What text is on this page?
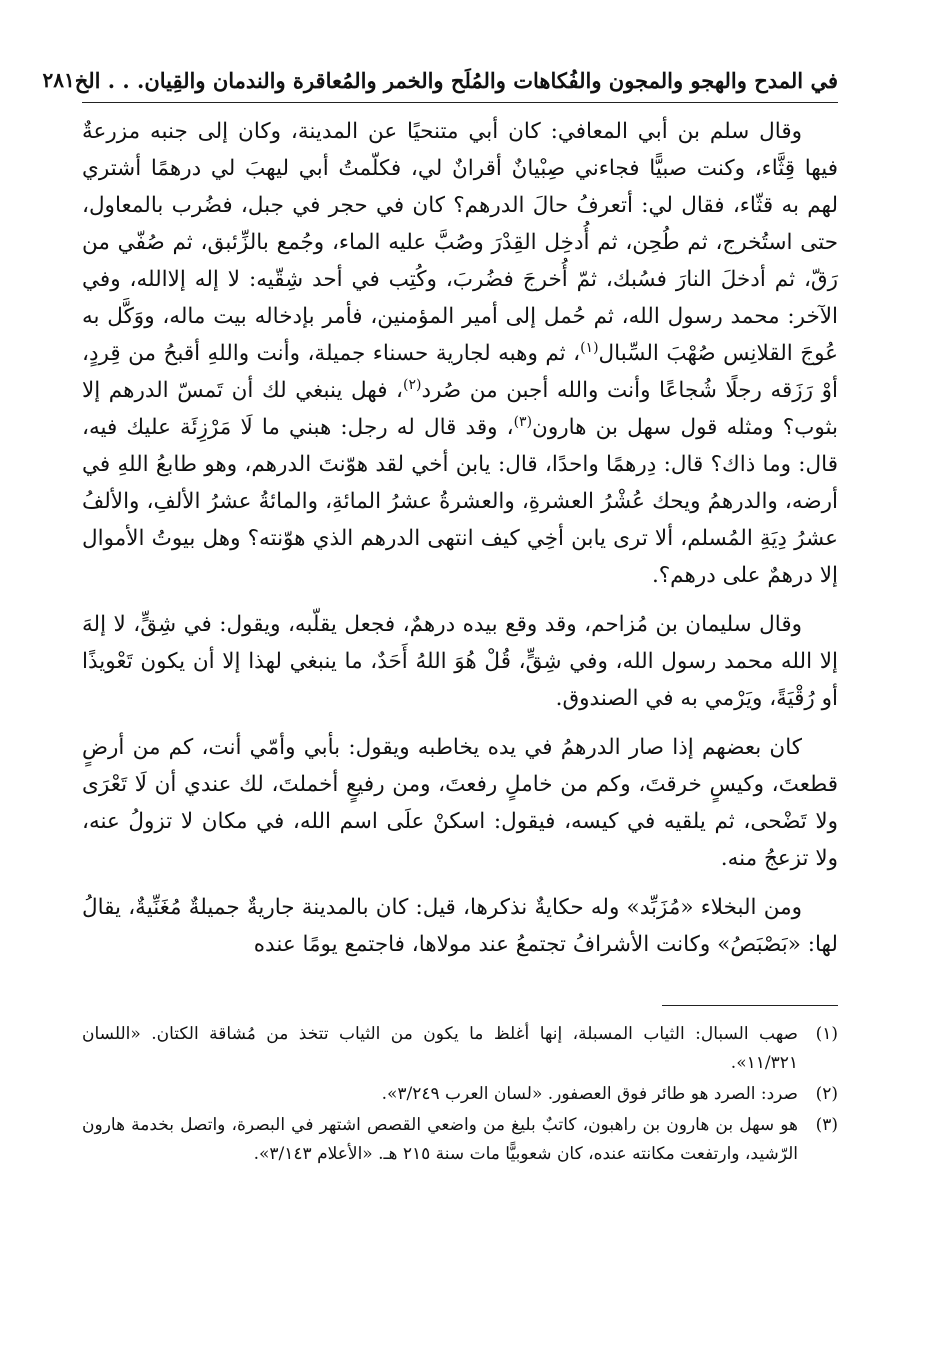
في المدح والهجو والمجون والفُكاهات والمُلَح والخمر والمُعاقرة والندمان والقِيان. . . الخ
٢٨١

وقال سلم بن أبي المعافي: كان أبي متنحيًا عن المدينة، وكان إلى جنبه مزرعةٌ فيها قِثَّاء، وكنت صبيًّا فجاءني صِبْيانٌ أقرانٌ لي، فكلّمتُ أبي ليهبَ لي درهمًا أشتري لهم به قثّاء، فقال لي: أتعرفُ حالَ الدرهم؟ كان في حجر في جبل، فضُرب بالمعاول، حتى استُخرج، ثم طُحِن، ثم أُدخِل القِدْرَ وصُبَّ عليه الماء، وجُمع بالزِّئبق، ثم صُفّي من رَقّ، ثم أدخلَ النارَ فسُبك، ثمّ أُخرجَ فضُربَ، وكُتِب في أحد شِقّيه: لا إله إلاالله، وفي الآخر: محمد رسول الله، ثم حُمل إلى أمير المؤمنين، فأمر بإدخاله بيت ماله، ووَكَّل به عُوجَ القلانِس صُهْبَ السِّبال$^{(١)}$، ثم وهبه لجارية حسناء جميلة، وأنت واللهِ أقبحُ من قِردٍ، أوْ رَزَقه رجلًا شُجاعًا وأنت والله أجبن من صُرد$^{(٢)}$، فهل ينبغي لك أن تَمسّ الدرهم إلا بثوب؟ ومثله قول سهل بن هارون$^{(٣)}$، وقد قال له رجل: هبني ما لَا مَرْزِئَة عليك فيه، قال: وما ذاك؟ قال: دِرهمًا واحدًا، قال: يابن أخي لقد هوّنتَ الدرهم، وهو طابعُ اللهِ في أرضه، والدرهمُ ويحك عُشْرُ العشرةِ، والعشرةُ عشرُ المائةِ، والمائةُ عشرُ الألفِ، والألفُ عشرُ دِيَةِ المُسلم، ألا ترى يابن أخِي كيف انتهى الدرهم الذي هوّنته؟ وهل بيوتُ الأموال إلا درهمٌ على درهم؟.

وقال سليمان بن مُزاحم، وقد وقع بيده درهمٌ، فجعل يقلّبه، ويقول: في شِقٍّ، لا إلهَ إلا الله محمد رسول الله، وفي شِقٍّ، قُلْ هُوَ اللهُ أَحَدٌ، ما ينبغي لهذا إلا أن يكون تَعْويذًا أو رُقْيَةً، ويَرْمي به في الصندوق.

كان بعضهم إذا صار الدرهمُ في يده يخاطبه ويقول: بأبي وأمّي أنت، كم من أرضٍ قطعتَ، وكيسٍ خرقتَ، وكم من خاملٍ رفعتَ، ومن رفيعٍ أخملتَ، لك عندي أن لَا تَعْرَى ولا تَضْحى، ثم يلقيه في كيسه، فيقول: اسكنْ علَى اسم الله، في مكان لا تزولُ عنه، ولا تزعجُ منه.

ومن البخلاء «مُزَبِّد» وله حكايةٌ نذكرها، قيل: كان بالمدينة جاريةٌ جميلةٌ مُغَنِّيةٌ، يقالُ لها: «بَصْبَصُ» وكانت الأشرافُ تجتمعُ عند مولاها، فاجتمع يومًا عنده

(١)
صهب السبال: الثياب المسبلة، إنها أغلظ ما يكون من الثياب تتخذ من مُشاقة الكتان. «اللسان ١١/٣٢١».
(٢)
صرد: الصرد هو طائر فوق العصفور. «لسان العرب ٣/٢٤٩».
(٣)
هو سهل بن هارون بن راهبون، كاتبٌ بليغ من واضعي القصص اشتهر في البصرة، واتصل بخدمة هارون الرّشيد، وارتفعت مكانته عنده، كان شعوبيًّا مات سنة ٢١٥ هـ. «الأعلام ٣/١٤٣».
